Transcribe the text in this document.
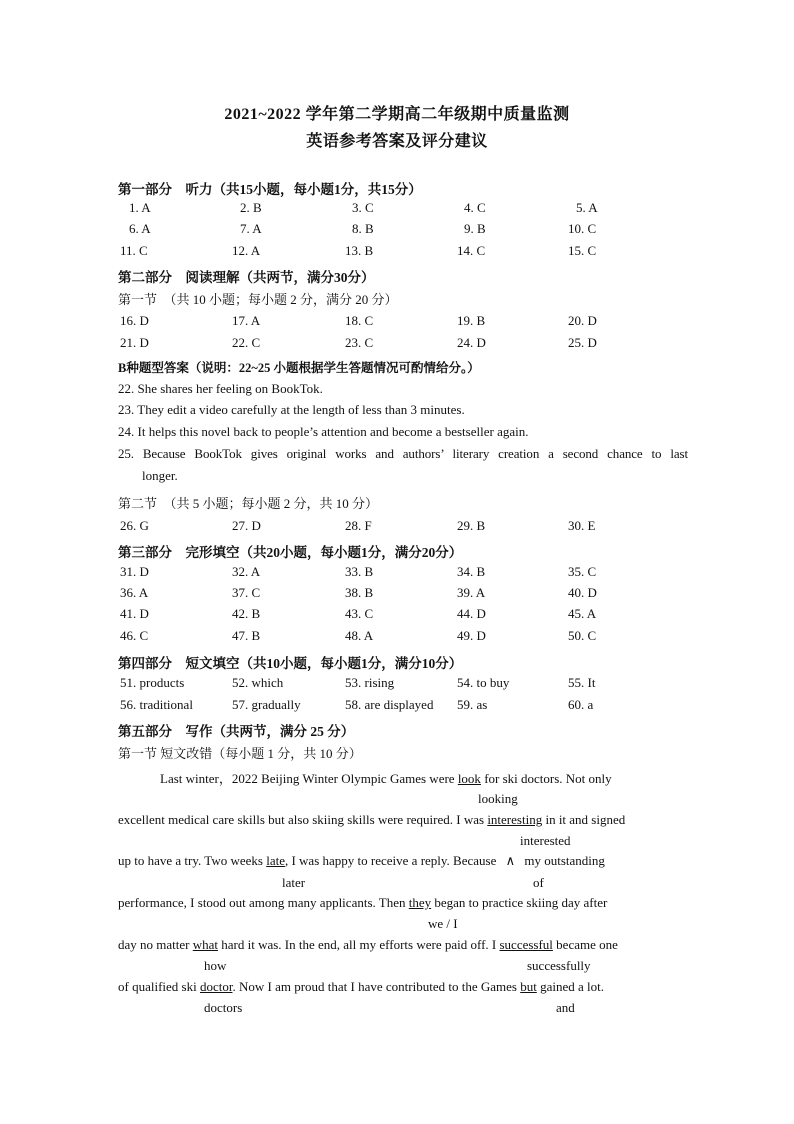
2021~2022 学年第二学期高二年级期中质量监测
英语参考答案及评分建议
第一部分　听力（共15小题，每小题1分，共15分）
1. A	2. B	3. C	4. C	5. A
6. A	7. A	8. B	9. B	10. C
11. C	12. A	13. B	14. C	15. C
第二部分　阅读理解（共两节，满分30分）
第一节　（共 10 小题；每小题 2 分，满分 20 分）
16. D	17. A	18. C	19. B	20. D
21. D	22. C	23. C	24. D	25. D
B种题型答案（说明：22~25 小题根据学生答题情况可酌情给分。）
22. She shares her feeling on BookTok.
23. They edit a video carefully at the length of less than 3 minutes.
24. It helps this novel back to people’s attention and become a bestseller again.
25. Because BookTok gives original works and authors’ literary creation a second chance to last
longer.
第二节　（共 5 小题；每小题 2 分，共 10 分）
26. G	27. D	28. F	29. B	30. E
第三部分　完形填空（共20小题，每小题1分，满分20分）
31. D	32. A	33. B	34. B	35. C
36. A	37. C	38. B	39. A	40. D
41. D	42. B	43. C	44. D	45. A
46. C	47. B	48. A	49. D	50. C
第四部分　短文填空（共10小题，每小题1分，满分10分）
51. products	52. which	53. rising	54. to buy	55. It
56. traditional	57. gradually	58. are displayed 59. as	60. a
第五部分　写作（共两节，满分 25 分）
第一节 短文改错（每小题 1 分，共 10 分）
Last winter，2022 Beijing Winter Olympic Games were look for ski doctors. Not only
looking
excellent medical care skills but also skiing skills were required. I was interesting in it and signed
interested
up to have a try. Two weeks late, I was happy to receive a reply. Because ∧ my outstanding
later	of
performance, I stood out among many applicants. Then they began to practice skiing day after
we / I
day no matter what hard it was. In the end, all my efforts were paid off. I successful became one
how	successfully
of qualified ski doctor. Now I am proud that I have contributed to the Games but gained a lot.
doctors	and
